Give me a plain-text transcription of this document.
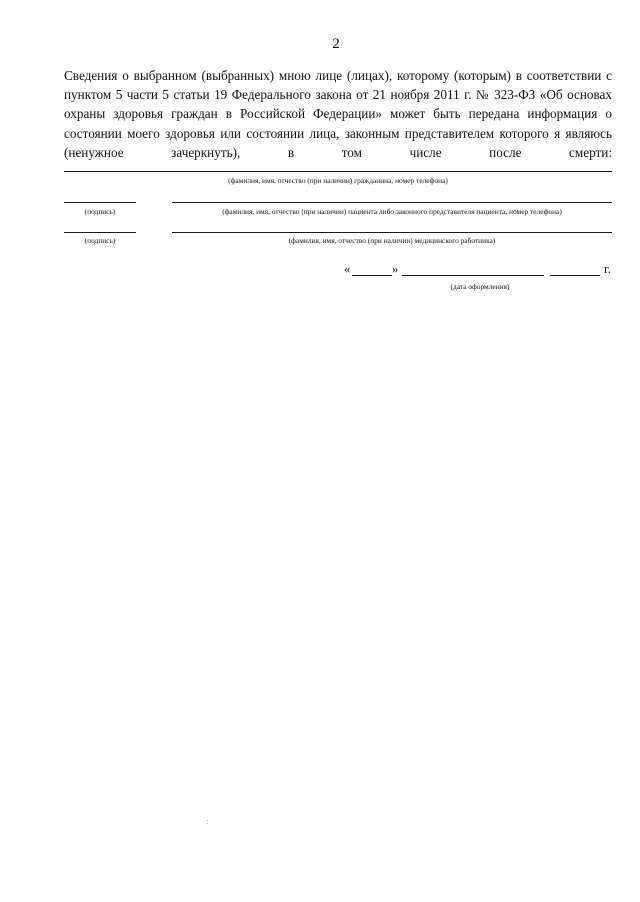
2

Сведения о выбранном (выбранных) мною лице (лицах), которому (которым) в соответствии с пунктом 5 части 5 статьи 19 Федерального закона от 21 ноября 2011 г. № 323-ФЗ «Об основах охраны здоровья граждан в Российской Федерации» может быть передана информация о состоянии моего здоровья или состоянии лица, законным представителем которого я являюсь (ненужное зачеркнуть), в том числе после смерти:

(фамилия, имя, отчество (при наличии) гражданина, номер телефона)
(подпись)	(фамилия, имя, отчество (при наличии) пациента либо законного представителя пациента, номер телефона)
(подпись)	(фамилия, имя, отчество (при наличии) медицинского работника)
«	»	г.
(дата оформления)
